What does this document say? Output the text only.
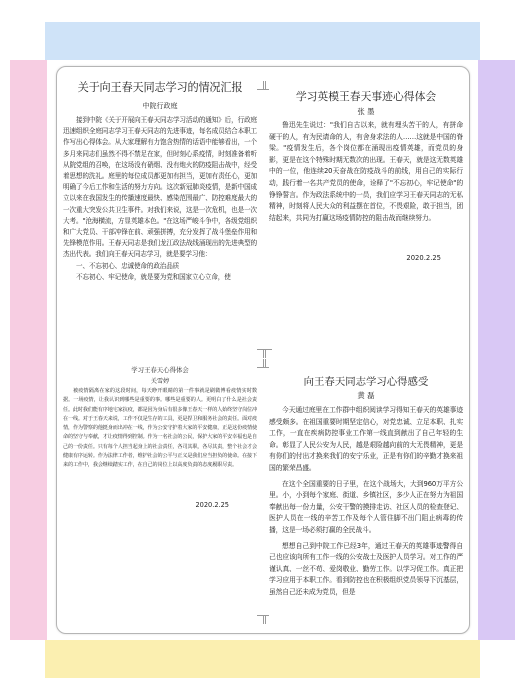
关于向王春天同志学习的情况汇报
中院行政庭

接到中院《关于开展向王春天同志学习活动的通知》后，行政庭迅速组织全庭同志学习王春天同志的先进事迹，每名成员结合本职工作写出心得体会。从大家理解有力饱含热情的话语中能够看出，一个多月来同志们虽然不得不禁足在家，但时刻心系疫情，时刻准备着听从院党组的召唤，在这场没有硝烟、没有炮火的防疫阻击战中，经受着思想的洗礼。庭里的每位成员都更加有担当，更加有责任心，更加明确了今后工作和生活的努力方向。这次新冠肺炎疫情，是新中国成立以来在我国发生的传播速度最快、感染范围最广、防控难度最大的一次重大突发公共卫生事件。对我们来说，这是一次危机，也是一次大考。"沧海横流，方显英雄本色。"在这场严峻斗争中，各级党组织和广大党员、干部冲锋在前、顽强拼搏，充分发挥了战斗堡垒作用和先锋模范作用。王春天同志是我们龙江政法战线涌现出的先进典型的杰出代表。我们向王春天同志学习，就是要学习他：

一、不忘初心、忠诚使命的政治品质

不忘初心、牢记使命，就是要为党和国家立心立命，使

学习英模王春天事迹心得体会
张 墨

鲁迅先生说过："我们自古以来，就有埋头苦干的人，有拼命硬干的人，有为民请命的人，有舍身求法的人……这就是中国的脊梁。"疫情发生后，各个岗位都在涌现出疫情英雄，而党员的身影，更是在这个特殊时期无数次的出现。王春天，就是这无数英雄中的一位，他连续20天奋战在防疫战斗的前线，用自己的实际行动，践行着一名共产党员的使命，诠释了"不忘初心，牢记使命"的铮铮誓言。作为政法系统中的一员，我们应学习王春天同志的无私精神，时刻将人民大众的利益摆在首位，不畏艰险，敢于担当，团结起来，共同为打赢这场疫情防控的阻击战而继续努力。

2020.2.25
学习王春天心得体会
关雪婷

被疫情隔离在家的这段时间，每天睁开眼睛的第一件事就是刷微博看疫情实时数据。一场疫情，让我认识到哪些是重要的事。哪些是重要的人。更明白了什么是社会责任。此时我们能有序地宅家抗疫，都是因为身后有很多像王春天一样的人始终坚守岗位冲在一线。对于王春天来说，工作不仅是生存的工具，更是捍卫和服务社会的责任。面对疫情，作为警察的他挺身而出冲在一线，作为公安守护着大家的平安健康，正是这份疫情使命的坚守与奉献，才让疫情得到控制。作为一名社会的公民，保护大家的平安幸福也是自己的一份责任。只有每个人担当起身上的社会责任，各司其职，各尽其责，整个社会才会健康有序运转。作为法律工作者，维护社会的公平与正义是我们应当担负的使命。在接下来的工作中，我会继续踏实工作，在自己的岗位上以高度负责的态度履职尽责。

2020.2.25
向王春天同志学习心得感受
黄 磊

今天通过庭里在工作群中组织阅读学习得知王春天的英雄事迹感受颇多。在祖国重要时期坚定信心，对党忠诚、立足本职、扎实工作，一直在疾病防控事业工作第一线直到献出了自己年轻的生命。彰显了人民公安为人民，越是艰险越向前的大无畏精神，更是有你们的付出才换来我们的安宁乐业，正是有你们的辛勤才换来祖国的繁荣昌盛。

在这个全国重要的日子里，在这个战场大，大到960万平方公里。小，小到每个家庭、街道、乡镇社区，多少人正在努力为祖国奉献出每一份力量，公安干警的摸排走访、社区人员的检查登记、医护人员在一线的辛苦工作及每个人管住脚不出门阻止病毒的传播，这是一场必须打赢的全民战斗。

想想自己到中院工作已经3年，通过王春天的英雄事迹警得自己也应该向所有工作一线的公安战士及医护人员学习。对工作的严谨认真、一丝不苟、爱岗敬业、勤劳工作。以学习促工作。真正把学习应用于本职工作。看到防控也在积极组织党员领导下沉基层，虽然自己还未成为党员，但是
